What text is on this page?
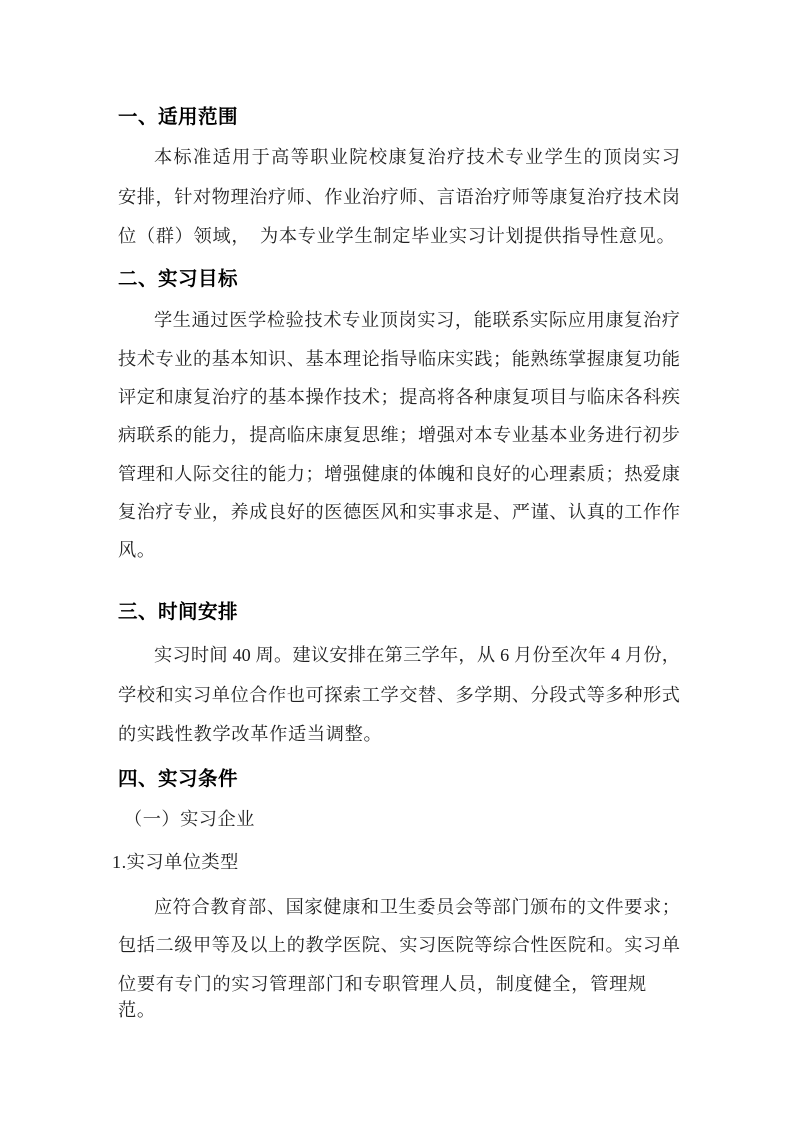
一、适用范围
本标准适用于高等职业院校康复治疗技术专业学生的顶岗实习
安排，针对物理治疗师、作业治疗师、言语治疗师等康复治疗技术岗
位（群）领域，　为本专业学生制定毕业实习计划提供指导性意见。
二、实习目标
学生通过医学检验技术专业顶岗实习，能联系实际应用康复治疗
技术专业的基本知识、基本理论指导临床实践；能熟练掌握康复功能
评定和康复治疗的基本操作技术；提高将各种康复项目与临床各科疾
病联系的能力，提高临床康复思维；增强对本专业基本业务进行初步
管理和人际交往的能力；增强健康的体魄和良好的心理素质；热爱康
复治疗专业，养成良好的医德医风和实事求是、严谨、认真的工作作
风。
三、时间安排
实习时间 40 周。建议安排在第三学年，从 6 月份至次年 4 月份，
学校和实习单位合作也可探索工学交替、多学期、分段式等多种形式
的实践性教学改革作适当调整。
四、实习条件
（一）实习企业
1.实习单位类型
应符合教育部、国家健康和卫生委员会等部门颁布的文件要求；
包括二级甲等及以上的教学医院、实习医院等综合性医院和。实习单
位要有专门的实习管理部门和专职管理人员，制度健全，管理规范。
